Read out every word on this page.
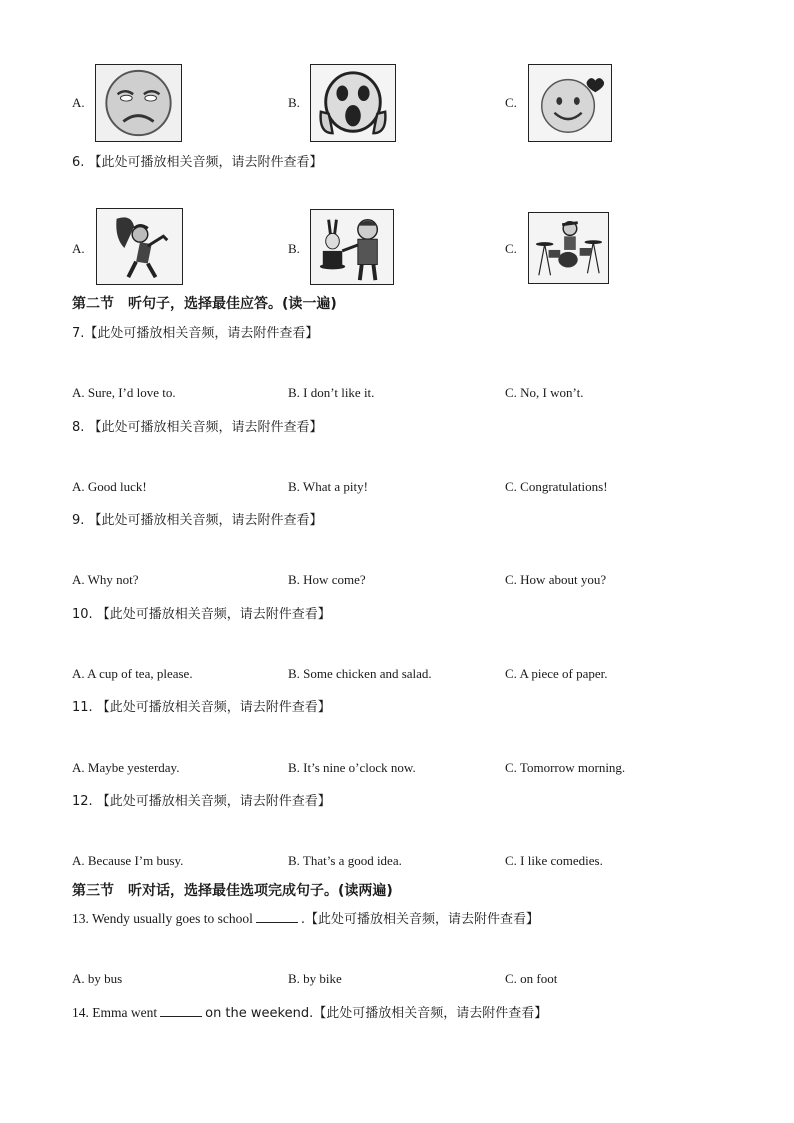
A.	B.	C.
6. 【此处可播放相关音频，请去附件查看】
A.	B.	C.
第二节　听句子，选择最佳应答。(读一遍)
7.【此处可播放相关音频，请去附件查看】
A. Sure, I’d love to.	B. I don’t like it.	C. No, I won’t.
8. 【此处可播放相关音频，请去附件查看】
A. Good luck!	B. What a pity!	C. Congratulations!
9. 【此处可播放相关音频，请去附件查看】
A. Why not?	B. How come?	C. How about you?
10. 【此处可播放相关音频，请去附件查看】
A. A cup of tea, please.	B. Some chicken and salad.	C. A piece of paper.
11. 【此处可播放相关音频，请去附件查看】
A. Maybe yesterday.	B. It’s nine o’clock now.	C. Tomorrow morning.
12. 【此处可播放相关音频，请去附件查看】
A. Because I’m busy.	B. That’s a good idea.	C. I like comedies.
第三节　听对话，选择最佳选项完成句子。(读两遍)
13. Wendy usually goes to school	.【此处可播放相关音频，请去附件查看】
A. by bus	B. by bike	C. on foot
14. Emma went	on the weekend.【此处可播放相关音频，请去附件查看】
